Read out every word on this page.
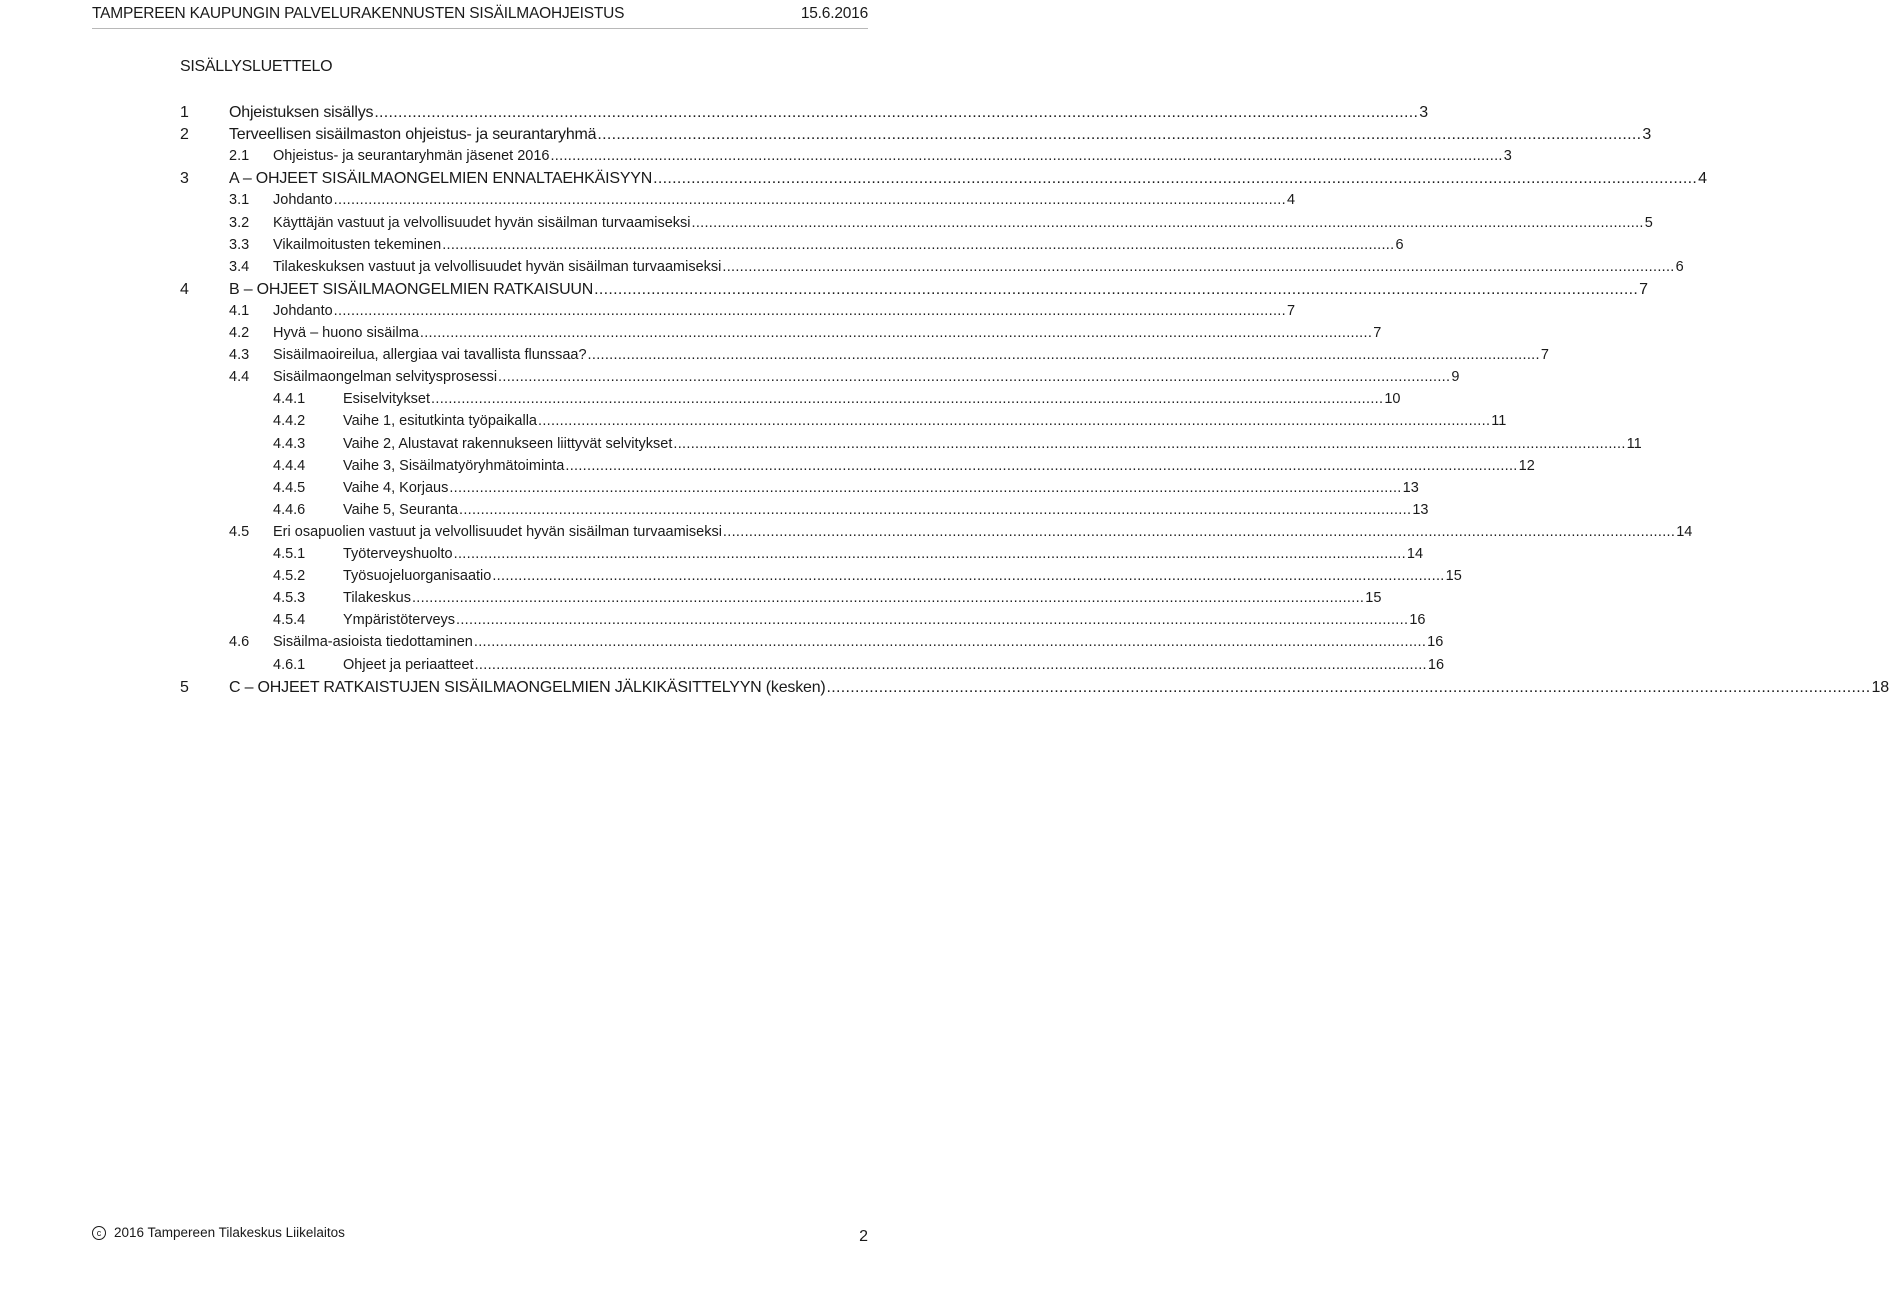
TAMPEREEN KAUPUNGIN PALVELURAKENNUSTEN SISÄILMAOHJEISTUS	15.6.2016
SISÄLLYSLUETTELO
1	Ohjeistuksen sisällys ............................................................................................................................................................................................................................ 3
2	Terveellisen sisäilmaston ohjeistus- ja seurantaryhmä ............................................................................................................................................................................................................................ 3
2.1	Ohjeistus- ja seurantaryhmän jäsenet 2016 ............................................................................................................................................................................................................................ 3
3	A – OHJEET SISÄILMAONGELMIEN ENNALTAEHKÄISYYN ............................................................................................................................................................................................................................ 4
3.1	Johdanto ............................................................................................................................................................................................................................ 4
3.2	Käyttäjän vastuut ja velvollisuudet hyvän sisäilman turvaamiseksi ............................................................................................................................................................................................................................ 5
3.3	Vikailmoitusten tekeminen ............................................................................................................................................................................................................................ 6
3.4	Tilakeskuksen vastuut ja velvollisuudet hyvän sisäilman turvaamiseksi ............................................................................................................................................................................................................................ 6
4	B – OHJEET SISÄILMAONGELMIEN RATKAISUUN ............................................................................................................................................................................................................................ 7
4.1	Johdanto ............................................................................................................................................................................................................................ 7
4.2	Hyvä – huono sisäilma ............................................................................................................................................................................................................................ 7
4.3	Sisäilmaoireilua, allergiaa vai tavallista flunssaa? ............................................................................................................................................................................................................................ 7
4.4	Sisäilmaongelman selvitysprosessi ............................................................................................................................................................................................................................ 9
4.4.1	Esiselvitykset ............................................................................................................................................................................................................................ 10
4.4.2	Vaihe 1, esitutkinta työpaikalla ............................................................................................................................................................................................................................ 11
4.4.3	Vaihe 2, Alustavat rakennukseen liittyvät selvitykset ............................................................................................................................................................................................................................ 11
4.4.4	Vaihe 3, Sisäilmatyöryhmätoiminta ............................................................................................................................................................................................................................ 12
4.4.5	Vaihe 4, Korjaus ............................................................................................................................................................................................................................ 13
4.4.6	Vaihe 5, Seuranta ............................................................................................................................................................................................................................ 13
4.5	Eri osapuolien vastuut ja velvollisuudet hyvän sisäilman turvaamiseksi ............................................................................................................................................................................................................................ 14
4.5.1	Työterveyshuolto ............................................................................................................................................................................................................................ 14
4.5.2	Työsuojeluorganisaatio ............................................................................................................................................................................................................................ 15
4.5.3	Tilakeskus ............................................................................................................................................................................................................................ 15
4.5.4	Ympäristöterveys ............................................................................................................................................................................................................................ 16
4.6	Sisäilma-asioista tiedottaminen ............................................................................................................................................................................................................................ 16
4.6.1	Ohjeet ja periaatteet ............................................................................................................................................................................................................................ 16
5	C – OHJEET RATKAISTUJEN SISÄILMAONGELMIEN JÄLKIKÄSITTELYYN (kesken) ............................................................................................................................................................................................................................ 18
c 2016 Tampereen Tilakeskus Liikelaitos	2
